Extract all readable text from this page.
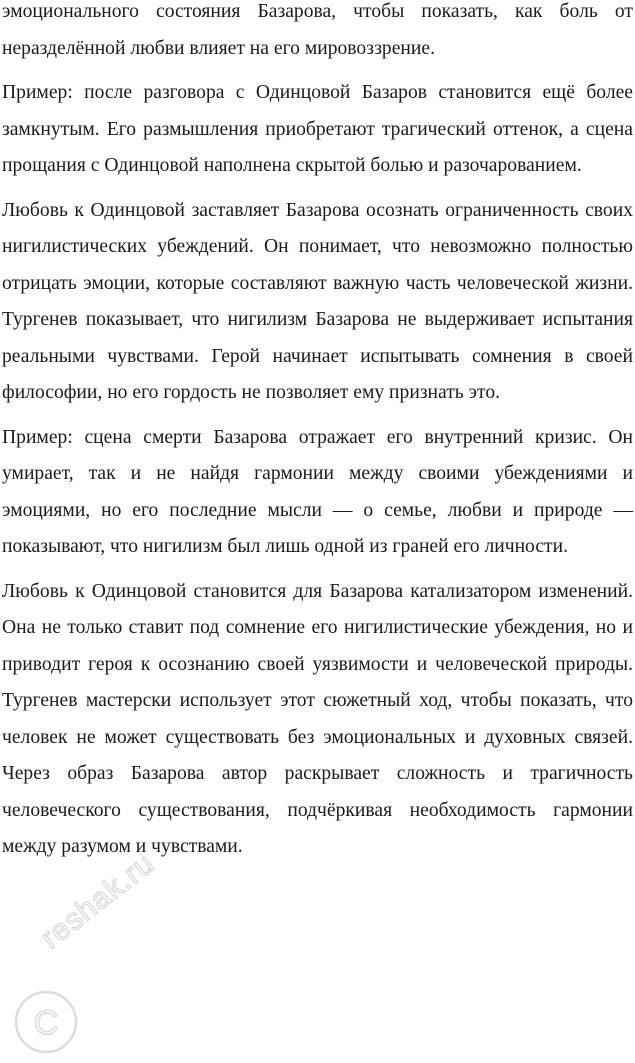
эмоционального состояния Базарова, чтобы показать, как боль от неразделённой любви влияет на его мировоззрение.

Пример: после разговора с Одинцовой Базаров становится ещё более замкнутым. Его размышления приобретают трагический оттенок, а сцена прощания с Одинцовой наполнена скрытой болью и разочарованием.

Любовь к Одинцовой заставляет Базарова осознать ограниченность своих нигилистических убеждений. Он понимает, что невозможно полностью отрицать эмоции, которые составляют важную часть человеческой жизни. Тургенев показывает, что нигилизм Базарова не выдерживает испытания реальными чувствами. Герой начинает испытывать сомнения в своей философии, но его гордость не позволяет ему признать это.

Пример: сцена смерти Базарова отражает его внутренний кризис. Он умирает, так и не найдя гармонии между своими убеждениями и эмоциями, но его последние мысли — о семье, любви и природе — показывают, что нигилизм был лишь одной из граней его личности.

Любовь к Одинцовой становится для Базарова катализатором изменений. Она не только ставит под сомнение его нигилистические убеждения, но и приводит героя к осознанию своей уязвимости и человеческой природы. Тургенев мастерски использует этот сюжетный ход, чтобы показать, что человек не может существовать без эмоциональных и духовных связей. Через образ Базарова автор раскрывает сложность и трагичность человеческого существования, подчёркивая необходимость гармонии между разумом и чувствами.

reshak.ru
C
